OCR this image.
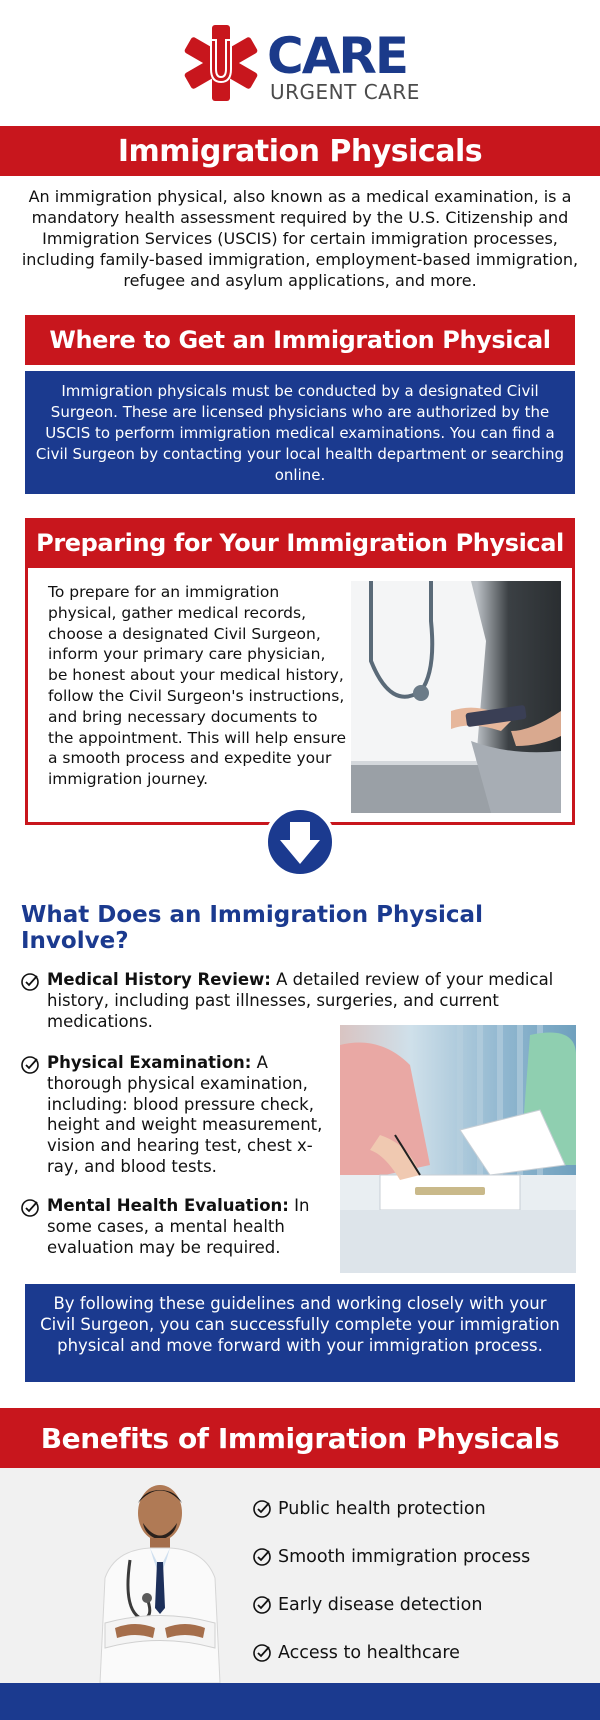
CARE
URGENT CARE
Immigration Physicals

An immigration physical, also known as a medical examination, is a mandatory health assessment required by the U.S. Citizenship and Immigration Services (USCIS) for certain immigration processes, including family-based immigration, employment-based immigration, refugee and asylum applications, and more.

Where to Get an Immigration Physical
Immigration physicals must be conducted by a designated Civil Surgeon. These are licensed physicians who are authorized by the USCIS to perform immigration medical examinations. You can find a Civil Surgeon by contacting your local health department or searching online.
Preparing for Your Immigration Physical

To prepare for an immigration physical, gather medical records, choose a designated Civil Surgeon, inform your primary care physician, be honest about your medical history, follow the Civil Surgeon's instructions, and bring necessary documents to the appointment. This will help ensure a smooth process and expedite your immigration journey.

What Does an Immigration Physical Involve?
Medical History Review: A detailed review of your medical history, including past illnesses, surgeries, and current medications.
Physical Examination: A thorough physical examination, including: blood pressure check, height and weight measurement, vision and hearing test, chest x-ray, and blood tests.
Mental Health Evaluation: In some cases, a mental health evaluation may be required.
By following these guidelines and working closely with your Civil Surgeon, you can successfully complete your immigration physical and move forward with your immigration process.
Benefits of Immigration Physicals
Public health protection
Smooth immigration process
Early disease detection
Access to healthcare
